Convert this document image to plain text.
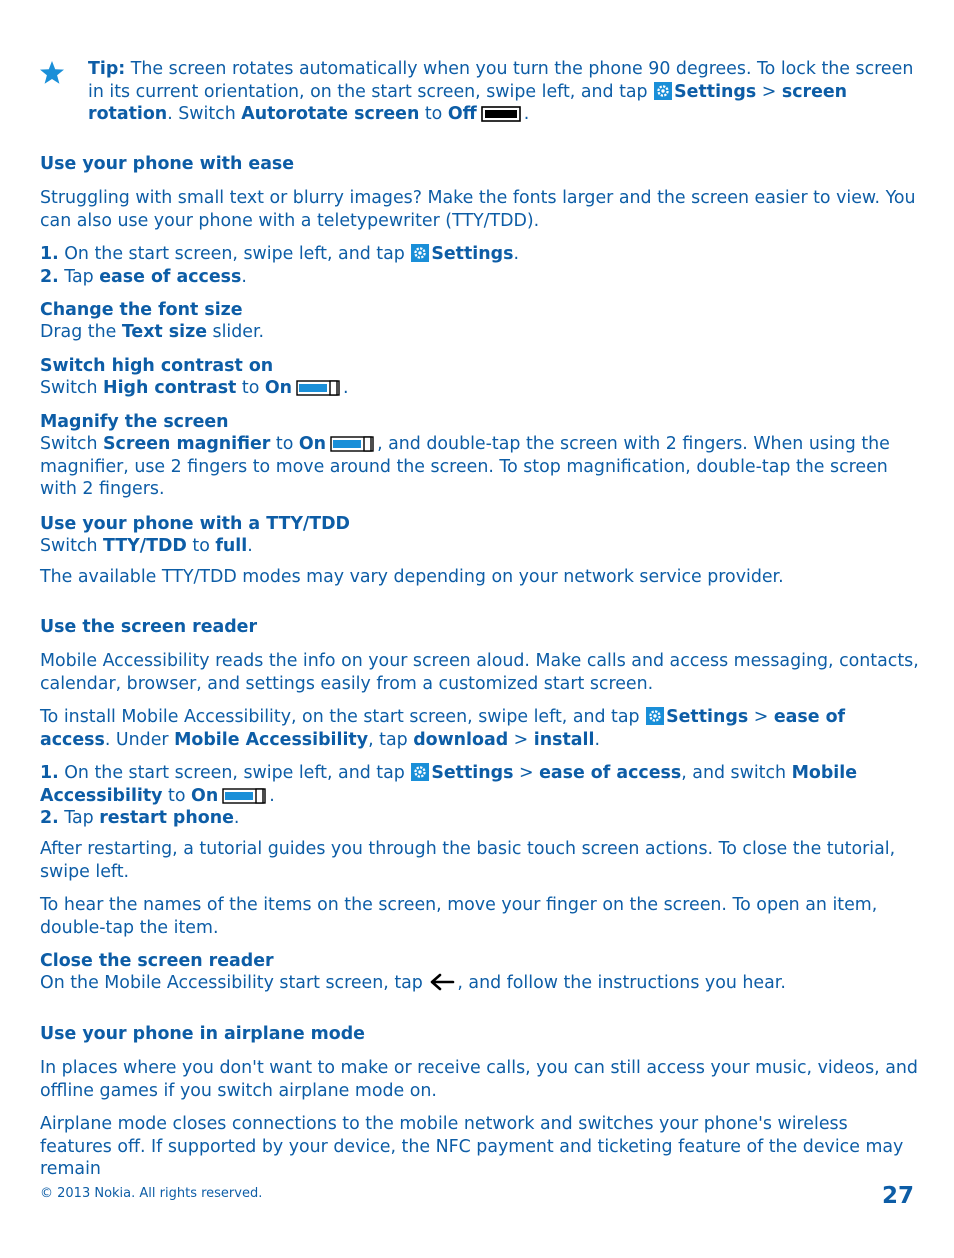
Tip: The screen rotates automatically when you turn the phone 90 degrees. To lock the screen in its current orientation, on the start screen, swipe left, and tap Settings > screen rotation. Switch Autorotate screen to Off	.

Use your phone with ease

Struggling with small text or blurry images? Make the fonts larger and the screen easier to view. You can also use your phone with a teletypewriter (TTY/TDD).

1. On the start screen, swipe left, and tap Settings.

2. Tap ease of access.

Change the font size

Drag the Text size slider.

Switch high contrast on

Switch High contrast to On	.

Magnify the screen

Switch Screen magnifier to On	, and double-tap the screen with 2 fingers. When using the magnifier, use 2 fingers to move around the screen. To stop magnification, double-tap the screen with 2 fingers.

Use your phone with a TTY/TDD

Switch TTY/TDD to full.

The available TTY/TDD modes may vary depending on your network service provider.

Use the screen reader

Mobile Accessibility reads the info on your screen aloud. Make calls and access messaging, contacts, calendar, browser, and settings easily from a customized start screen.

To install Mobile Accessibility, on the start screen, swipe left, and tap Settings > ease of access. Under Mobile Accessibility, tap download > install.

1. On the start screen, swipe left, and tap Settings > ease of access, and switch Mobile Accessibility to On	.

2. Tap restart phone.

After restarting, a tutorial guides you through the basic touch screen actions. To close the tutorial, swipe left.

To hear the names of the items on the screen, move your finger on the screen. To open an item, double-tap the item.

Close the screen reader

On the Mobile Accessibility start screen, tap , and follow the instructions you hear.

Use your phone in airplane mode

In places where you don't want to make or receive calls, you can still access your music, videos, and offline games if you switch airplane mode on.

Airplane mode closes connections to the mobile network and switches your phone's wireless features off. If supported by your device, the NFC payment and ticketing feature of the device may remain

© 2013 Nokia. All rights reserved.	27
